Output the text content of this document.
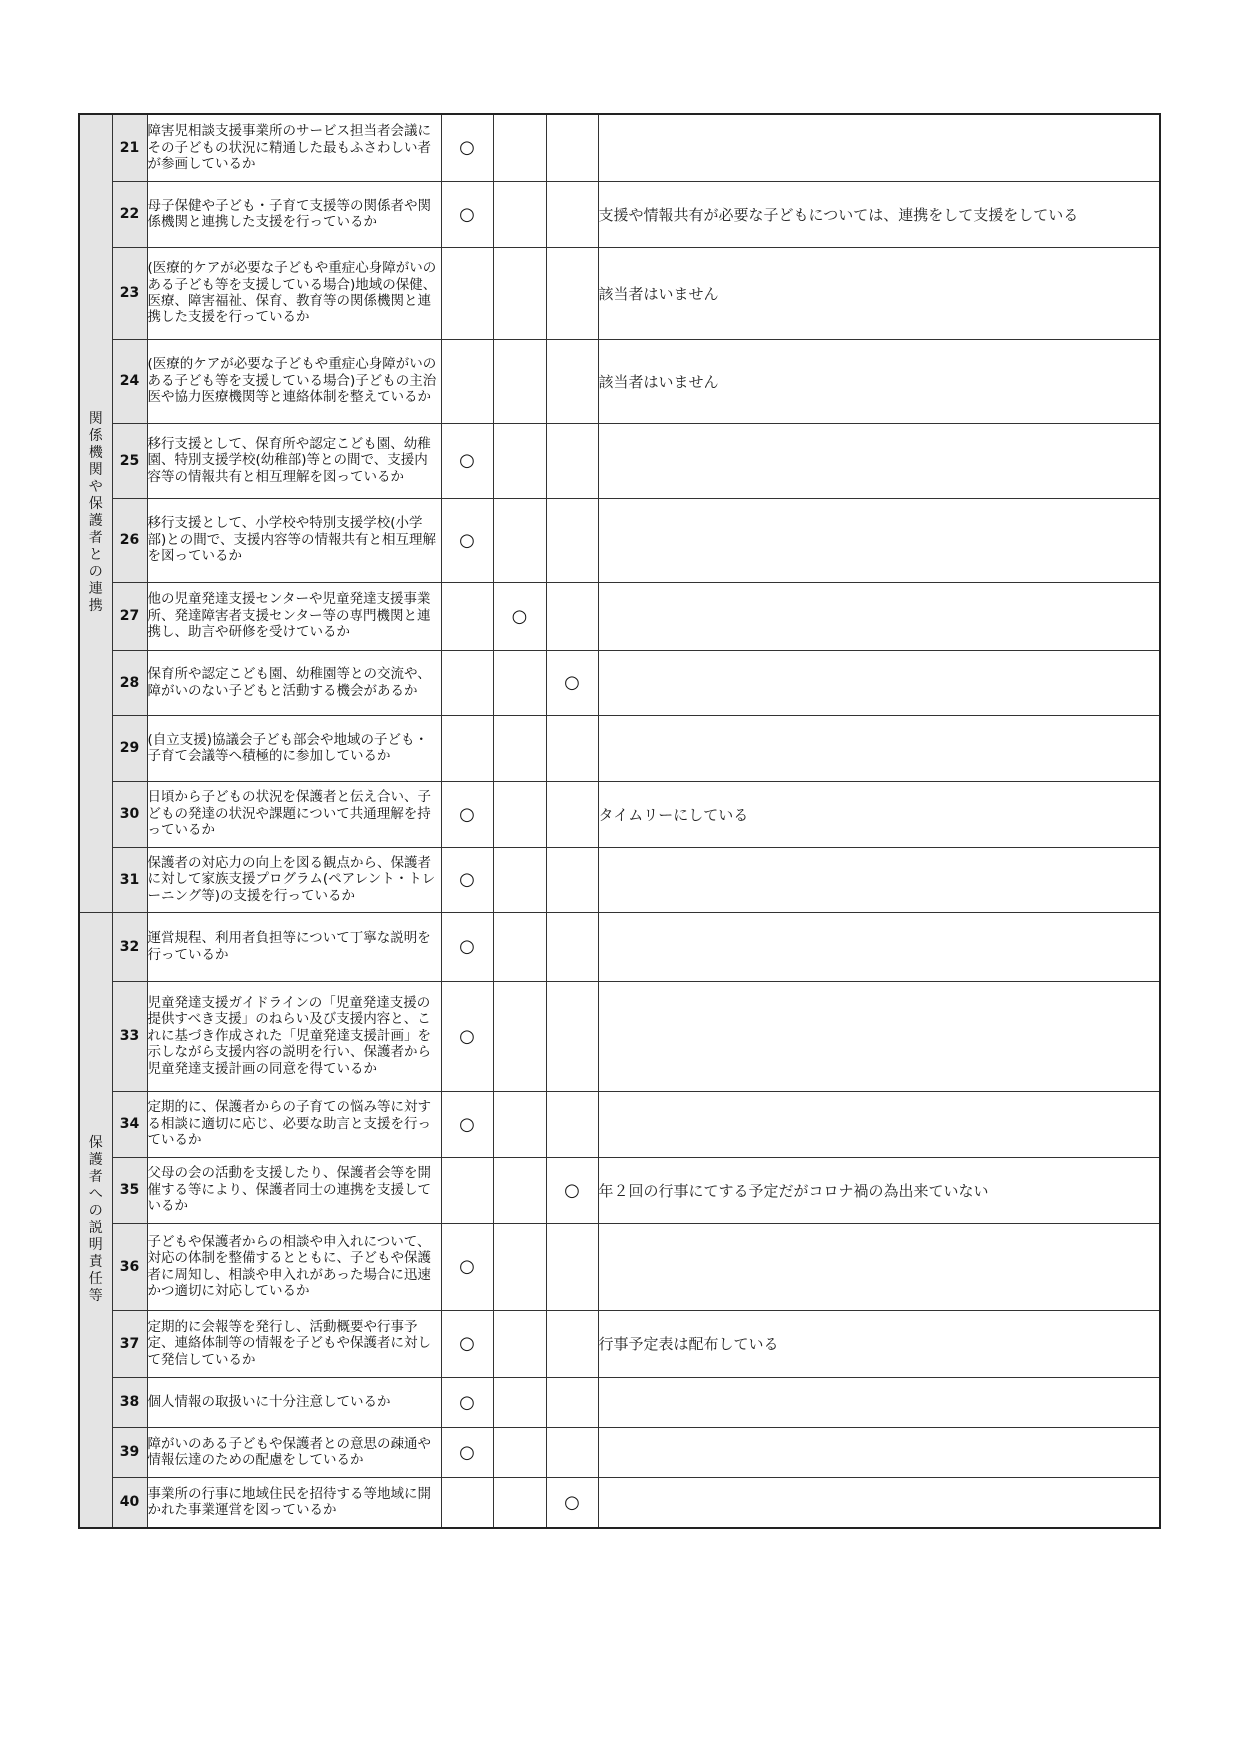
関係機関や保護者との連携	21	障害児相談支援事業所のサービス担当者会議にその子どもの状況に精通した最もふさわしい者が参画しているか	○			
	22	母子保健や子ども・子育て支援等の関係者や関係機関と連携した支援を行っているか	○			支援や情報共有が必要な子どもについては、連携をして支援をしている
	23	(医療的ケアが必要な子どもや重症心身障がいのある子ども等を支援している場合)地域の保健、医療、障害福祉、保育、教育等の関係機関と連携した支援を行っているか				該当者はいません
	24	(医療的ケアが必要な子どもや重症心身障がいのある子ども等を支援している場合)子どもの主治医や協力医療機関等と連絡体制を整えているか				該当者はいません
	25	移行支援として、保育所や認定こども園、幼稚園、特別支援学校(幼稚部)等との間で、支援内容等の情報共有と相互理解を図っているか	○			
	26	移行支援として、小学校や特別支援学校(小学部)との間で、支援内容等の情報共有と相互理解を図っているか	○			
	27	他の児童発達支援センターや児童発達支援事業所、発達障害者支援センター等の専門機関と連携し、助言や研修を受けているか		○		
	28	保育所や認定こども園、幼稚園等との交流や、障がいのない子どもと活動する機会があるか			○	
	29	(自立支援)協議会子ども部会や地域の子ども・子育て会議等へ積極的に参加しているか				
	30	日頃から子どもの状況を保護者と伝え合い、子どもの発達の状況や課題について共通理解を持っているか	○			タイムリーにしている
	31	保護者の対応力の向上を図る観点から、保護者に対して家族支援プログラム(ペアレント・トレーニング等)の支援を行っているか	○			
保護者への説明責任等	32	運営規程、利用者負担等について丁寧な説明を行っているか	○			
	33	児童発達支援ガイドラインの「児童発達支援の提供すべき支援」のねらい及び支援内容と、これに基づき作成された「児童発達支援計画」を示しながら支援内容の説明を行い、保護者から児童発達支援計画の同意を得ているか	○			
	34	定期的に、保護者からの子育ての悩み等に対する相談に適切に応じ、必要な助言と支援を行っているか	○			
	35	父母の会の活動を支援したり、保護者会等を開催する等により、保護者同士の連携を支援しているか			○	年２回の行事にてする予定だがコロナ禍の為出来ていない
	36	子どもや保護者からの相談や申入れについて、対応の体制を整備するとともに、子どもや保護者に周知し、相談や申入れがあった場合に迅速かつ適切に対応しているか	○			
	37	定期的に会報等を発行し、活動概要や行事予定、連絡体制等の情報を子どもや保護者に対して発信しているか	○			行事予定表は配布している
	38	個人情報の取扱いに十分注意しているか	○			
	39	障がいのある子どもや保護者との意思の疎通や情報伝達のための配慮をしているか	○			
	40	事業所の行事に地域住民を招待する等地域に開かれた事業運営を図っているか			○	
